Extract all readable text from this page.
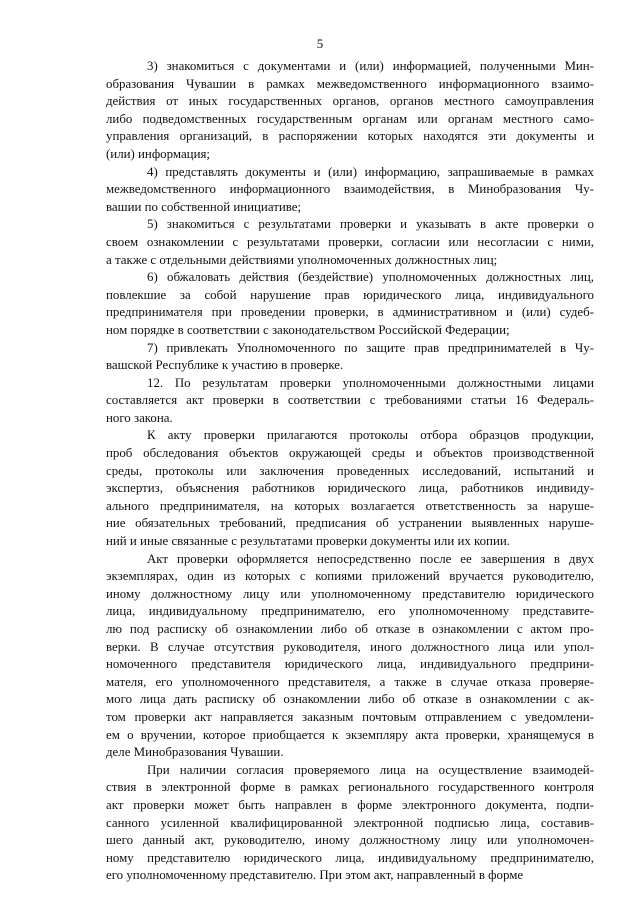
5
3) знакомиться с документами и (или) информацией, полученными Мин-
образования Чувашии в рамках межведомственного информационного взаимо-
действия от иных государственных органов, органов местного самоуправления
либо подведомственных государственным органам или органам местного само-
управления организаций, в распоряжении которых находятся эти документы и
(или) информация;
4) представлять документы и (или) информацию, запрашиваемые в рамках
межведомственного информационного взаимодействия, в Минобразования Чу-
вашии по собственной инициативе;
5) знакомиться с результатами проверки и указывать в акте проверки о
своем ознакомлении с результатами проверки, согласии или несогласии с ними,
а также с отдельными действиями уполномоченных должностных лиц;
6) обжаловать действия (бездействие) уполномоченных должностных лиц,
повлекшие за собой нарушение прав юридического лица, индивидуального
предпринимателя при проведении проверки, в административном и (или) судеб-
ном порядке в соответствии с законодательством Российской Федерации;
7) привлекать Уполномоченного по защите прав предпринимателей в Чу-
вашской Республике к участию в проверке.
12. По результатам проверки уполномоченными должностными лицами
составляется акт проверки в соответствии с требованиями статьи 16 Федераль-
ного закона.
К акту проверки прилагаются протоколы отбора образцов продукции,
проб обследования объектов окружающей среды и объектов производственной
среды, протоколы или заключения проведенных исследований, испытаний и
экспертиз, объяснения работников юридического лица, работников индивиду-
ального предпринимателя, на которых возлагается ответственность за наруше-
ние обязательных требований, предписания об устранении выявленных наруше-
ний и иные связанные с результатами проверки документы или их копии.
Акт проверки оформляется непосредственно после ее завершения в двух
экземплярах, один из которых с копиями приложений вручается руководителю,
иному должностному лицу или уполномоченному представителю юридического
лица, индивидуальному предпринимателю, его уполномоченному представите-
лю под расписку об ознакомлении либо об отказе в ознакомлении с актом про-
верки. В случае отсутствия руководителя, иного должностного лица или упол-
номоченного представителя юридического лица, индивидуального предприни-
мателя, его уполномоченного представителя, а также в случае отказа проверяе-
мого лица дать расписку об ознакомлении либо об отказе в ознакомлении с ак-
том проверки акт направляется заказным почтовым отправлением с уведомлени-
ем о вручении, которое приобщается к экземпляру акта проверки, хранящемуся в
деле Минобразования Чувашии.
При наличии согласия проверяемого лица на осуществление взаимодей-
ствия в электронной форме в рамках регионального государственного контроля
акт проверки может быть направлен в форме электронного документа, подпи-
санного усиленной квалифицированной электронной подписью лица, составив-
шего данный акт, руководителю, иному должностному лицу или уполномочен-
ному представителю юридического лица, индивидуальному предпринимателю,
его уполномоченному представителю. При этом акт, направленный в форме
